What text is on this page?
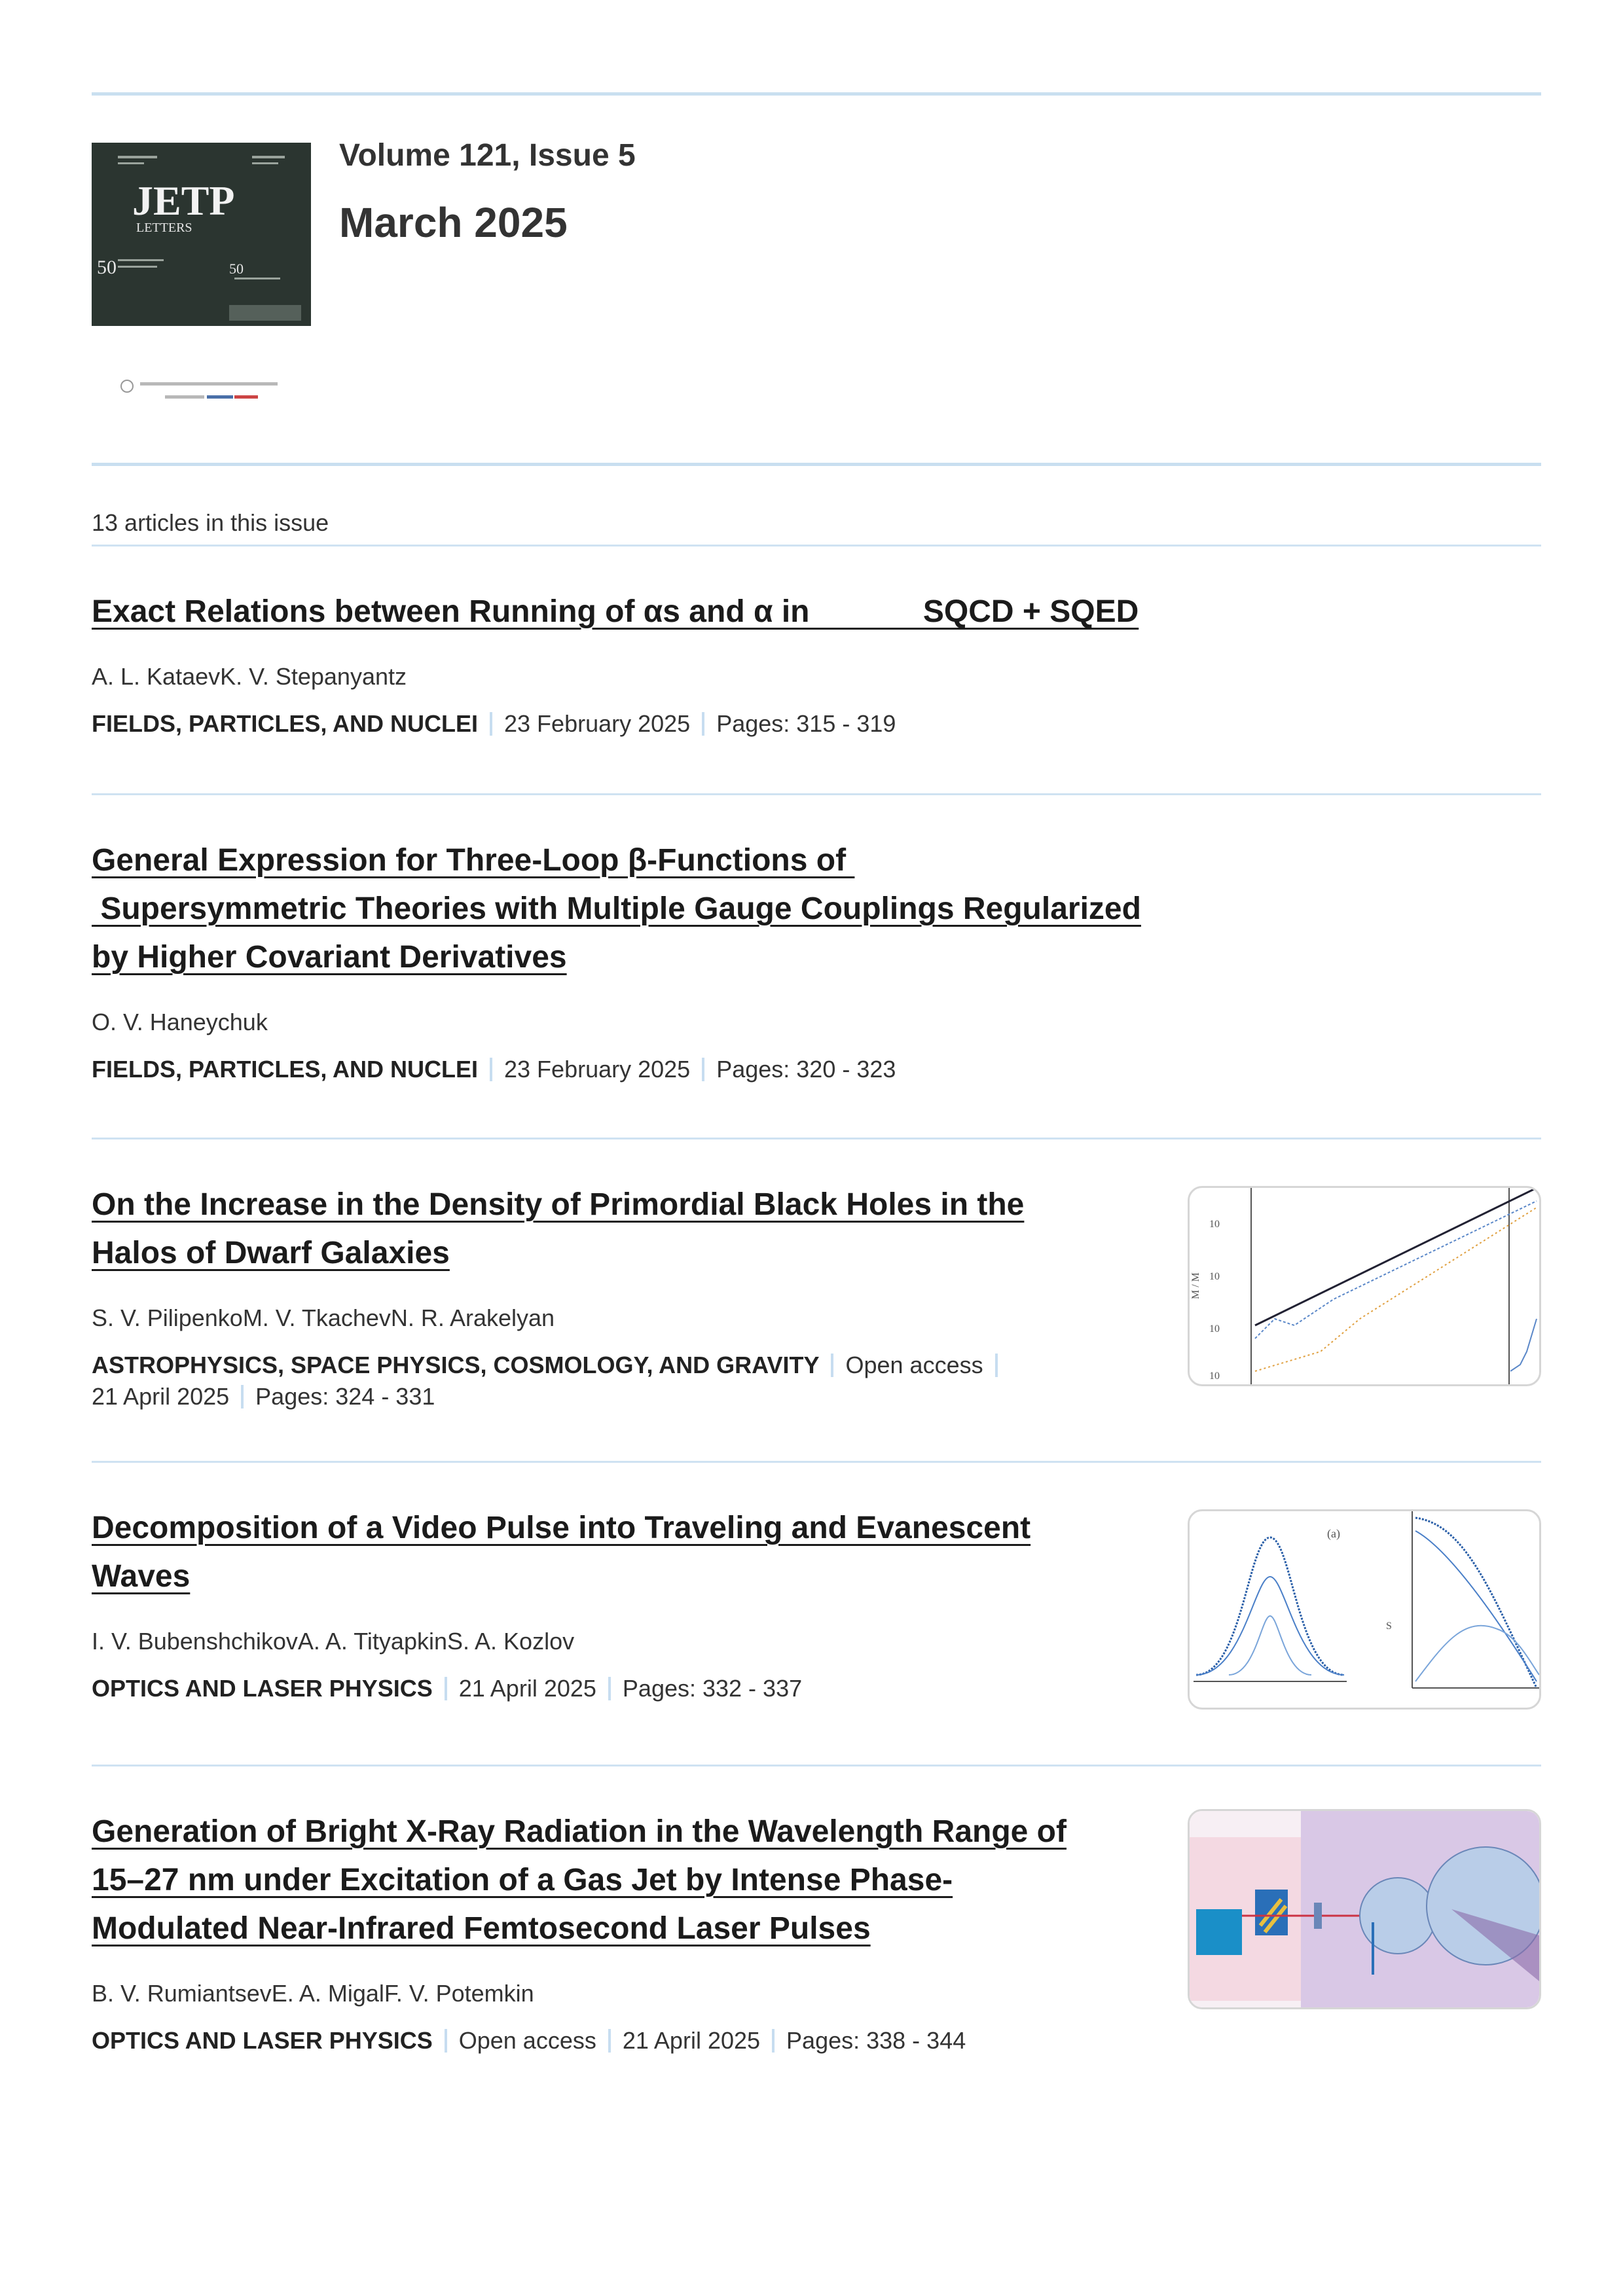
JETP
LETTERS
50	50
Volume 121, Issue 5
March 2025
13 articles in this issue
Exact Relations between Running of αs and α in             SQCD + SQED
A. L. KataevK. V. Stepanyantz
FIELDS, PARTICLES, AND NUCLEI 23 February 2025 Pages: 315 - 319
General Expression for Three-Loop β-Functions of
Supersymmetric Theories with Multiple Gauge Couplings Regularized
by Higher Covariant Derivatives
O. V. Haneychuk
FIELDS, PARTICLES, AND NUCLEI 23 February 2025 Pages: 320 - 323
On the Increase in the Density of Primordial Black Holes in the
Halos of Dwarf Galaxies
S. V. PilipenkoM. V. TkachevN. R. Arakelyan
ASTROPHYSICS, SPACE PHYSICS, COSMOLOGY, AND GRAVITY Open access
21 April 2025 Pages: 324 - 331
10
10
10
10
M / M
Decomposition of a Video Pulse into Traveling and Evanescent
Waves
I. V. BubenshchikovA. A. TityapkinS. A. Kozlov
OPTICS AND LASER PHYSICS 21 April 2025 Pages: 332 - 337
(a)
S
Generation of Bright X-Ray Radiation in the Wavelength Range of
15–27 nm under Excitation of a Gas Jet by Intense Phase-
Modulated Near-Infrared Femtosecond Laser Pulses
B. V. RumiantsevE. A. MigalF. V. Potemkin
OPTICS AND LASER PHYSICS Open access 21 April 2025 Pages: 338 - 344
